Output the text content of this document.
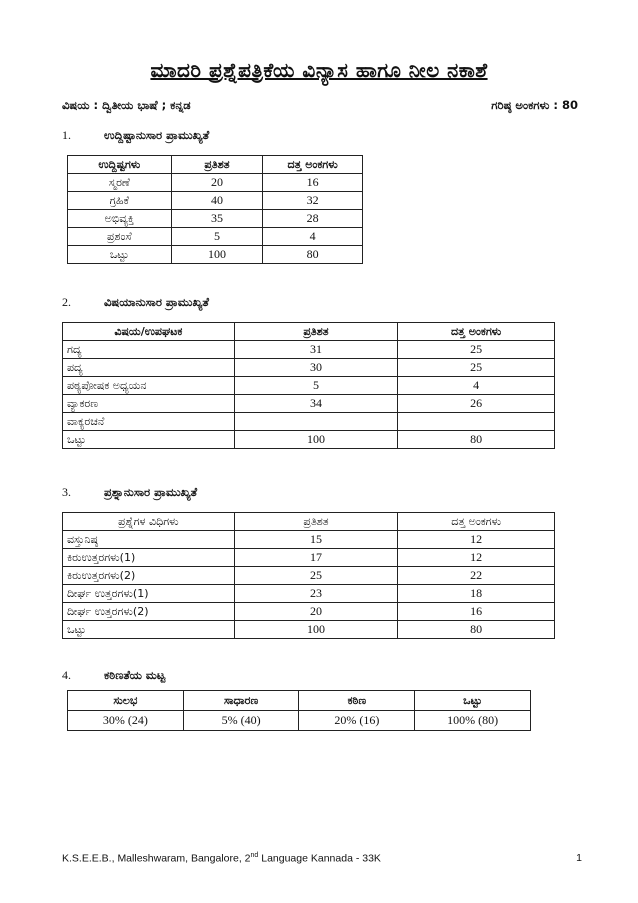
ಮಾದರಿ ಪ್ರಶ್ನೆಪತ್ರಿಕೆಯ ವಿನ್ಯಾಸ ಹಾಗೂ ನೀಲ ನಕಾಶೆ
ವಿಷಯ : ದ್ವಿತೀಯ ಭಾಷೆ ; ಕನ್ನಡ	ಗರಿಷ್ಠ ಅಂಕಗಳು : 80
1.	ಉದ್ದಿಷ್ಟಾನುಸಾರ ಪ್ರಾಮುಖ್ಯತೆ
ಉದ್ದಿಷ್ಟಗಳು	ಪ್ರತಿಶತ	ದತ್ತ ಅಂಕಗಳು
ಸ್ಮರಣೆ	20	16
ಗ್ರಹಿಕೆ	40	32
ಅಭಿವ್ಯಕ್ತಿ	35	28
ಪ್ರಶಂಸೆ	5	4
ಒಟ್ಟು	100	80
2.	ವಿಷಯಾನುಸಾರ ಪ್ರಾಮುಖ್ಯತೆ
ವಿಷಯ/ಉಪಘಟಕ	ಪ್ರತಿಶತ	ದತ್ತ ಅಂಕಗಳು
ಗದ್ಯ	31	25
ಪದ್ಯ	30	25
ಪಠ್ಯಪೋಷಕ ಅಧ್ಯಯನ	5	4
ವ್ಯಾಕರಣ	34	26
ವಾಕ್ಯರಚನೆ		
ಒಟ್ಟು	100	80
3.	ಪ್ರಶ್ನಾನುಸಾರ ಪ್ರಾಮುಖ್ಯತೆ
ಪ್ರಶ್ನೆಗಳ ವಿಧಿಗಳು	ಪ್ರತಿಶತ	ದತ್ತ ಅಂಕಗಳು
ವಸ್ತುನಿಷ್ಠ	15	12
ಕಿರುಉತ್ತರಗಳು(1)	17	12
ಕಿರುಉತ್ತರಗಳು(2)	25	22
ದೀರ್ಘ ಉತ್ತರಗಳು(1)	23	18
ದೀರ್ಘ ಉತ್ತರಗಳು(2)	20	16
ಒಟ್ಟು	100	80
4.	ಕಠಿಣತೆಯ ಮಟ್ಟ
ಸುಲಭ	ಸಾಧಾರಣ	ಕಠಿಣ	ಒಟ್ಟು
30% (24)	5% (40)	20% (16)	100% (80)
K.S.E.E.B., Malleshwaram, Bangalore, 2nd Language Kannada - 33K	1
